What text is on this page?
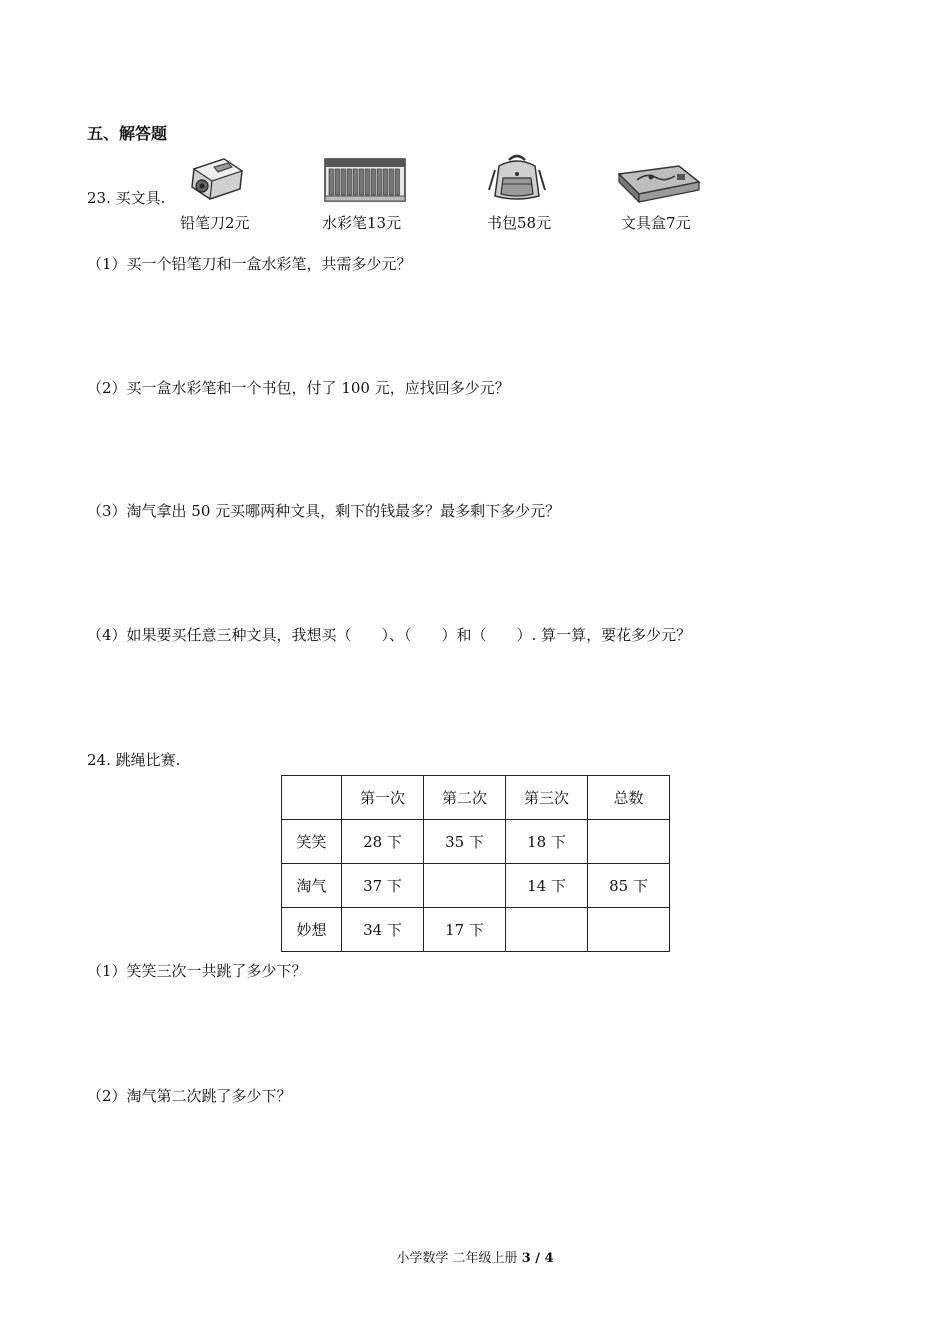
五、解答题
23. 买文具.
铅笔刀2元	水彩笔13元	书包58元	文具盒7元
（1）买一个铅笔刀和一盒水彩笔，共需多少元？
（2）买一盒水彩笔和一个书包，付了 100 元，应找回多少元？
（3）淘气拿出 50 元买哪两种文具，剩下的钱最多？最多剩下多少元？
（4）如果要买任意三种文具，我想买（　　）、（　　）和（　　）. 算一算，要花多少元？
24. 跳绳比赛.
	第一次	第二次	第三次	总数
笑笑	28 下	35 下	18 下	
淘气	37 下		14 下	85 下
妙想	34 下	17 下		
（1）笑笑三次一共跳了多少下？
（2）淘气第二次跳了多少下？
小学数学 二年级上册 3 / 4
